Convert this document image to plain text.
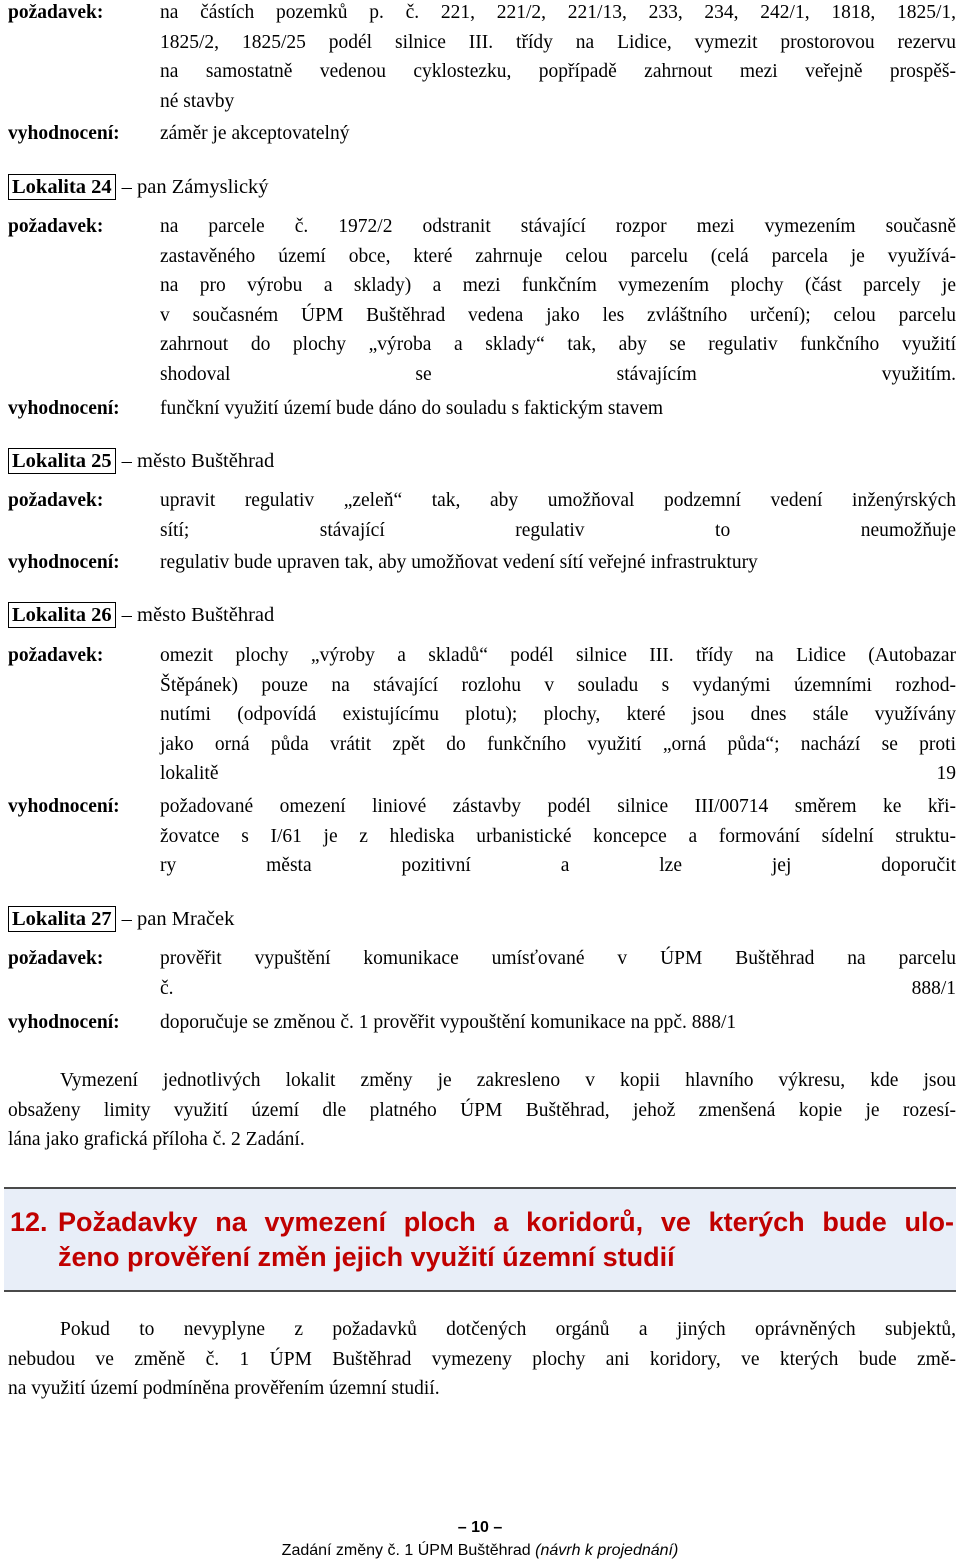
požadavek:	na částích pozemků p. č. 221, 221/2, 221/13, 233, 234, 242/1, 1818, 1825/1,
1825/2, 1825/25 podél silnice III. třídy na Lidice, vymezit prostorovou rezervu
na samostatně vedenou cyklostezku, popřípadě zahrnout mezi veřejně prospěš-
né stavby
vyhodnocení: záměr je akceptovatelný
Lokalita 24 – pan Zámyslický
požadavek:	na parcele č. 1972/2 odstranit stávající rozpor mezi vymezením současně
zastavěného území obce, které zahrnuje celou parcelu (celá parcela je využívá-
na pro výrobu a sklady) a mezi funkčním vymezením plochy (část parcely je
v současném ÚPM Buštěhrad vedena jako les zvláštního určení); celou parcelu
zahrnout do plochy „výroba a sklady“ tak, aby se regulativ funkčního využití
shodoval se stávajícím využitím.
vyhodnocení: funčkní využití území bude dáno do souladu s faktickým stavem
Lokalita 25 – město Buštěhrad
požadavek:	upravit regulativ „zeleň“ tak, aby umožňoval podzemní vedení inženýrských
sítí; stávající regulativ to neumožňuje
vyhodnocení: regulativ bude upraven tak, aby umožňovat vedení sítí veřejné infrastruktury
Lokalita 26 – město Buštěhrad
požadavek:	omezit plochy „výroby a skladů“ podél silnice III. třídy na Lidice (Autobazar
Štěpánek) pouze na stávající rozlohu v souladu s vydanými územními rozhod-
nutími (odpovídá existujícímu plotu); plochy, které jsou dnes stále využívány
jako orná půda vrátit zpět do funkčního využití „orná půda“; nachází se proti
lokalitě 19
vyhodnocení: požadované omezení liniové zástavby podél silnice III/00714 směrem ke kři-
žovatce s I/61 je z hlediska urbanistické koncepce a formování sídelní struktu-
ry města pozitivní a lze jej doporučit
Lokalita 27 – pan Mraček
požadavek:	prověřit vypuštění komunikace umísťované v ÚPM Buštěhrad na parcelu
č. 888/1
vyhodnocení: doporučuje se změnou č. 1 prověřit vypouštění komunikace na ppč. 888/1
Vymezení jednotlivých lokalit změny je zakresleno v kopii hlavního výkresu, kde jsou
obsaženy limity využití území dle platného ÚPM Buštěhrad, jehož zmenšená kopie je rozesí-
lána jako grafická příloha č. 2 Zadání.
12. Požadavky na vymezení ploch a koridorů, ve kterých bude ulo-
ženo prověření změn jejich využití územní studií
Pokud to nevyplyne z požadavků dotčených orgánů a jiných oprávněných subjektů,
nebudou ve změně č. 1 ÚPM Buštěhrad vymezeny plochy ani koridory, ve kterých bude změ-
na využití území podmíněna prověřením územní studií.
– 10 –
Zadání změny č. 1 ÚPM Buštěhrad (návrh k projednání)
